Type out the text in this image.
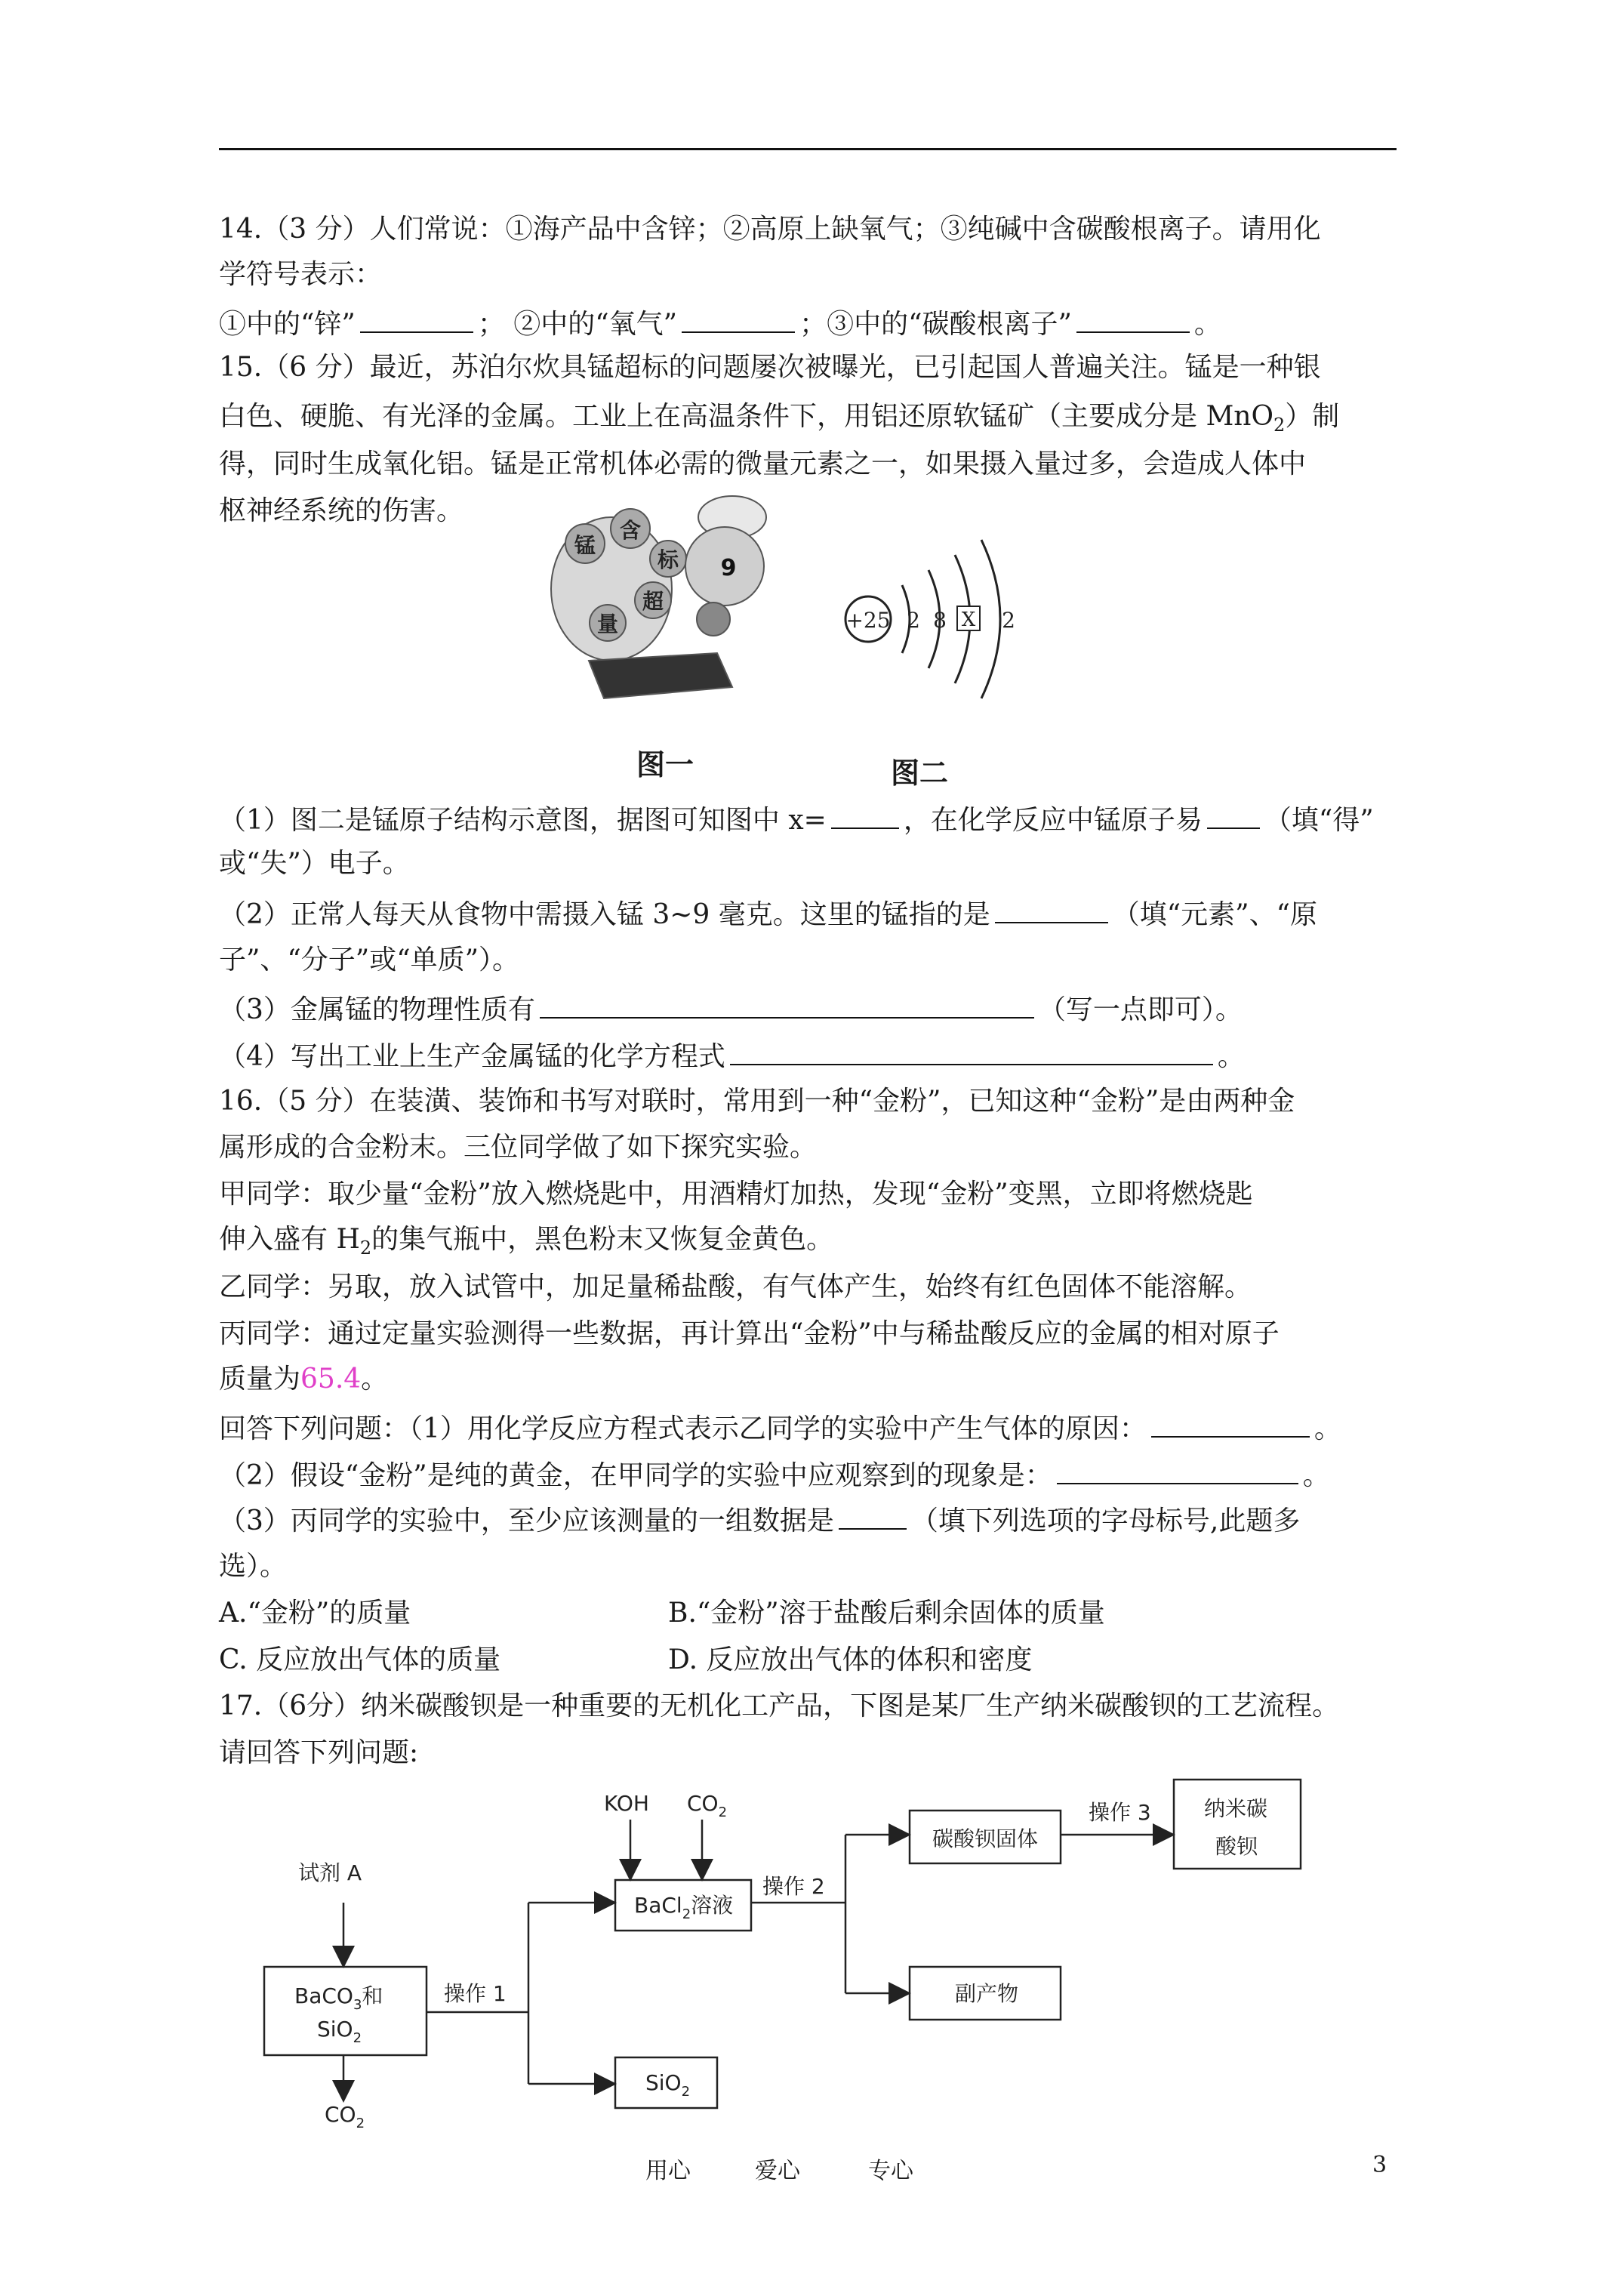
14.（3 分）人们常说：①海产品中含锌；②高原上缺氧气；③纯碱中含碳酸根离子。请用化
学符号表示：
①中的“锌”	； ②中的“氧气”	；③中的“碳酸根离子”	。
15.（6 分）最近，苏泊尔炊具锰超标的问题屡次被曝光，已引起国人普遍关注。锰是一种银
白色、硬脆、有光泽的金属。工业上在高温条件下，用铝还原软锰矿（主要成分是 MnO$_2$）制
得，同时生成氧化铝。锰是正常机体必需的微量元素之一，如果摄入量过多，会造成人体中
枢神经系统的伤害。
锰
含
标
超
量
9
+25 2 8 X 2
图一	图二
（1）图二是锰原子结构示意图，据图可知图中 x=	，在化学反应中锰原子易 （填“得”
或“失”）电子。
（2）正常人每天从食物中需摄入锰 3~9 毫克。这里的锰指的是	（填“元素”、“原
子”、“分子”或“单质”）。
（3）金属锰的物理性质有	（写一点即可）。
（4）写出工业上生产金属锰的化学方程式	。
16.（5 分）在装潢、装饰和书写对联时，常用到一种“金粉”，已知这种“金粉”是由两种金
属形成的合金粉末。三位同学做了如下探究实验。
甲同学：取少量“金粉”放入燃烧匙中，用酒精灯加热，发现“金粉”变黑，立即将燃烧匙
伸入盛有 $H_2$的集气瓶中，黑色粉末又恢复金黄色。
乙同学：另取，放入试管中，加足量稀盐酸，有气体产生，始终有红色固体不能溶解。
丙同学：通过定量实验测得一些数据，再计算出“金粉”中与稀盐酸反应的金属的相对原子
质量为65.4。
回答下列问题：（1）用化学反应方程式表示乙同学的实验中产生气体的原因：	。
（2）假设“金粉”是纯的黄金，在甲同学的实验中应观察到的现象是：	。
（3）丙同学的实验中，至少应该测量的一组数据是	（填下列选项的字母标号,此题多
选）。
A.“金粉”的质量	B.“金粉”溶于盐酸后剩余固体的质量
C. 反应放出气体的质量	D. 反应放出气体的体积和密度
17.（6分）纳米碳酸钡是一种重要的无机化工产品，下图是某厂生产纳米碳酸钡的工艺流程。
请回答下列问题:
试剂 A
BaCO$_3$和
SiO$_2$
$CO_2$
操作 1
KOH $CO_2$
BaCl$_2$溶液
SiO$_2$
操作 2
碳酸钡固体
副产物
操作 3	纳米碳
酸钡
用心	爱心	专心	3
